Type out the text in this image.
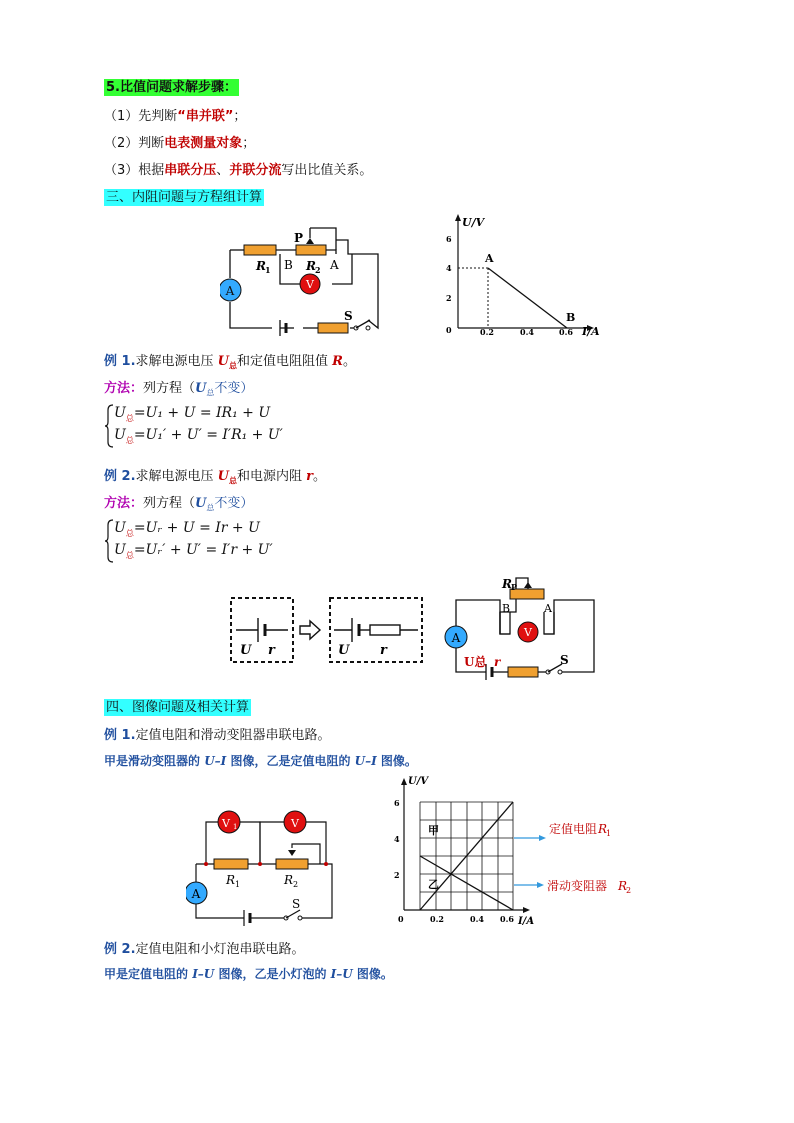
5.比值问题求解步骤：
（1）先判断“串并联”；
（2）判断电表测量对象；
（3）根据串联分压、并联分流写出比值关系。
三、内阻问题与方程组计算
A	V
R 1
P
B R 2 A
S
U/V
I/A
6
4
2
0	0.2	0.4	0.6
A
B
例 1.求解电源电压 $U_总$和定值电阻阻值 R。
方法：列方程（$U_总$不变）
$U_总=U_1 + U = IR_1 + U$
$U_总=U_1' + U' = I'R_1 + U'$
例 2.求解电源电压 $U_总$和电源内阻 r。
方法：列方程（$U_总$不变）
$U_总=Uᵣ + U = Ir + U$
$U_总=Uᵣ' + U' = I'r + U'$
U r	U r
V
A
R P
B	A
U总 r	S
四、图像问题及相关计算
例 1.定值电阻和滑动变阻器串联电路。
甲是滑动变阻器的 U–I 图像，乙是定值电阻的 U–I 图像。
V 1	V
A
R 1	R 2
S
U/V
I/A
6
4
2
0	0.2	0.4 0.6
甲
乙
定值电阻 R
1
滑动变阻器 R
2
例 2.定值电阻和小灯泡串联电路。
甲是定值电阻的 I–U 图像，乙是小灯泡的 I–U 图像。
